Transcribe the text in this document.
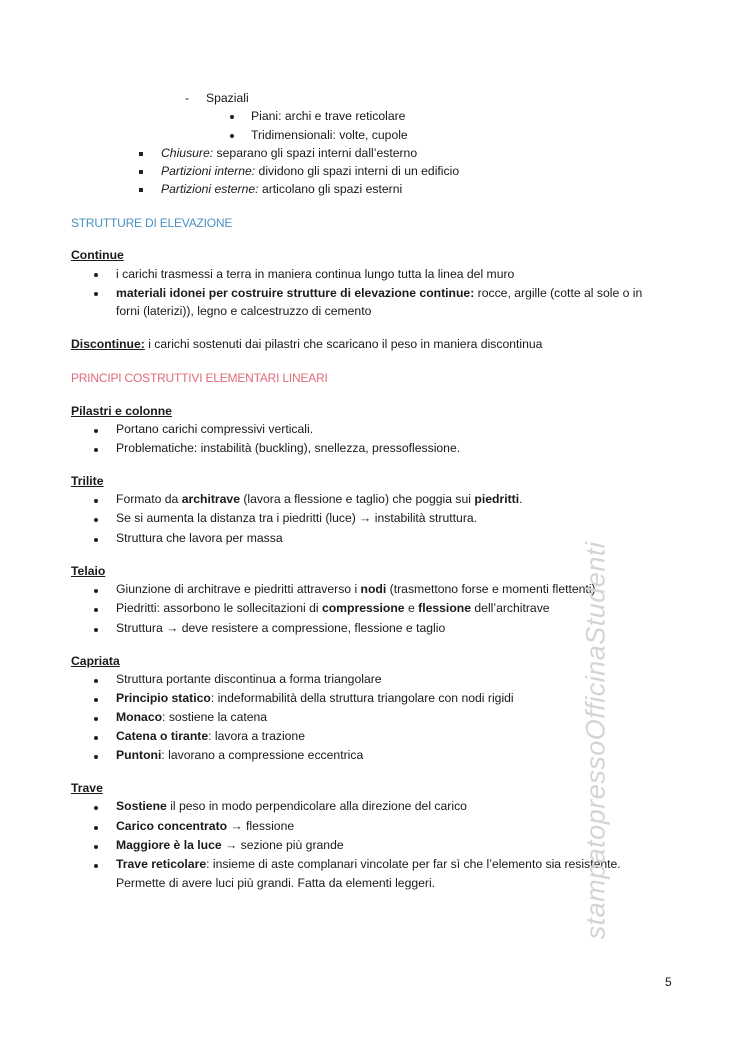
- Spaziali
Piani: archi e trave reticolare
Tridimensionali: volte, cupole
Chiusure: separano gli spazi interni dall’esterno
Partizioni interne: dividono gli spazi interni di un edificio
Partizioni esterne: articolano gli spazi esterni
STRUTTURE DI ELEVAZIONE
Continue
i carichi trasmessi a terra in maniera continua lungo tutta la linea del muro
materiali idonei per costruire strutture di elevazione continue: rocce, argille (cotte al sole o in
forni (laterizi)), legno e calcestruzzo di cemento
Discontinue: i carichi sostenuti dai pilastri che scaricano il peso in maniera discontinua
PRINCIPI COSTRUTTIVI ELEMENTARI LINEARI
Pilastri e colonne
Portano carichi compressivi verticali.
Problematiche: instabilità (buckling), snellezza, pressoflessione.
Trilite
Formato da architrave (lavora a flessione e taglio) che poggia sui piedritti.
Se si aumenta la distanza tra i piedritti (luce) → instabilità struttura.
Struttura che lavora per massa
Telaio
Giunzione di architrave e piedritti attraverso i nodi (trasmettono forse e momenti flettenti)
Piedritti: assorbono le sollecitazioni di compressione e flessione dell’architrave
Struttura → deve resistere a compressione, flessione e taglio
Capriata
Struttura portante discontinua a forma triangolare
Principio statico: indeformabilità della struttura triangolare con nodi rigidi
Monaco: sostiene la catena
Catena o tirante: lavora a trazione
Puntoni: lavorano a compressione eccentrica
Trave
Sostiene il peso in modo perpendicolare alla direzione del carico
Carico concentrato → flessione
Maggiore è la luce → sezione più grande
Trave reticolare: insieme di aste complanari vincolate per far sì che l’elemento sia resistente.
Permette di avere luci più grandi. Fatta da elementi leggeri.	stampatopressoOfficinaStudenti
5
